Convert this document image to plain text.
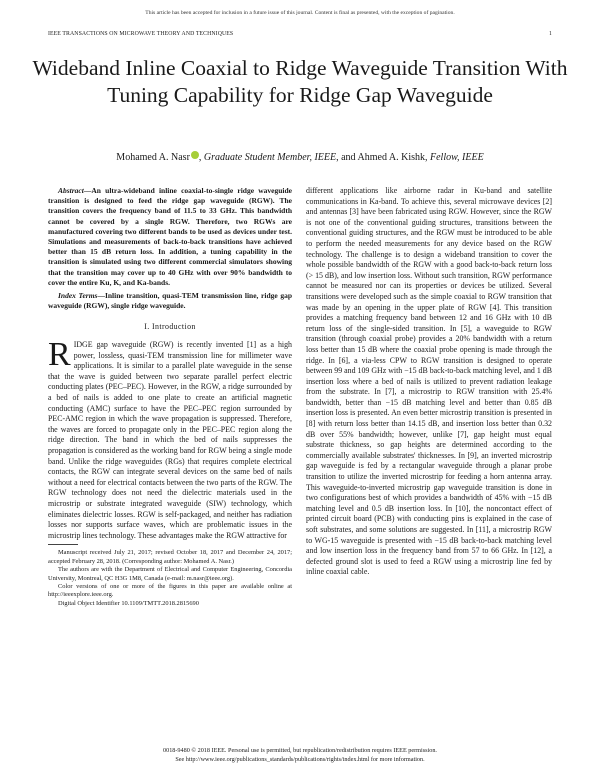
This article has been accepted for inclusion in a future issue of this journal. Content is final as presented, with the exception of pagination.
IEEE TRANSACTIONS ON MICROWAVE THEORY AND TECHNIQUES	1
Wideband Inline Coaxial to Ridge Waveguide Transition With Tuning Capability for Ridge Gap Waveguide
Mohamed A. Nasr , Graduate Student Member, IEEE, and Ahmed A. Kishk, Fellow, IEEE

Abstract—An ultra-wideband inline coaxial-to-single ridge waveguide transition is designed to feed the ridge gap waveguide (RGW). The transition covers the frequency band of 11.5 to 33 GHz. This bandwidth cannot be covered by a single RGW. Therefore, two RGWs are manufactured covering two different bands to be used as devices under test. Simulations and measurements of back-to-back transitions have achieved better than 15 dB return loss. In addition, a tuning capability in the transition is simulated using two different commercial simulators showing that the transition may cover up to 40 GHz with over 90% bandwidth to cover the entire Ku, K, and Ka-bands.

Index Terms—Inline transition, quasi-TEM transmission line, ridge gap waveguide (RGW), single ridge waveguide.

I. Introduction

RIDGE gap waveguide (RGW) is recently invented [1] as a high power, lossless, quasi-TEM transmission line for millimeter wave applications. It is similar to a parallel plate waveguide in the sense that the wave is guided between two separate parallel perfect electric conducting plates (PEC–PEC). However, in the RGW, a ridge surrounded by a bed of nails is added to one plate to create an artificial magnetic conducting (AMC) surface to have the PEC–PEC region surrounded by PEC-AMC region in which the wave propagation is suppressed. Therefore, the waves are forced to propagate only in the PEC–PEC region along the ridge direction. The band in which the bed of nails suppresses the propagation is considered as the working band for RGW being a single mode band. Unlike the ridge waveguides (RGs) that requires complete electrical contacts, the RGW can integrate several devices on the same bed of nails without a need for electrical contacts between the two parts of the RGW. The RGW technology does not need the dielectric materials used in the microstrip or substrate integrated waveguide (SIW) technology, which eliminates dielectric losses. RGW is self-packaged, and neither has radiation losses nor supports surface waves, which are problematic issues in the microstrip lines technology. These advantages make the RGW attractive for

Manuscript received July 21, 2017; revised October 18, 2017 and December 24, 2017; accepted February 28, 2018. (Corresponding author: Mohamed A. Nasr.)

The authors are with the Department of Electrical and Computer Engineering, Concordia University, Montreal, QC H3G 1M8, Canada (e-mail: m.nasr@ieee.org).

Color versions of one or more of the figures in this paper are available online at http://ieeexplore.ieee.org.

Digital Object Identifier 10.1109/TMTT.2018.2815690

different applications like airborne radar in Ku-band and satellite communications in Ka-band. To achieve this, several microwave devices [2] and antennas [3] have been fabricated using RGW. However, since the RGW is not one of the conventional guiding structures, transitions between the conventional guiding structures, and the RGW must be introduced to be able to perform the needed measurements for any device based on the RGW technology. The challenge is to design a wideband transition to cover the whole possible bandwidth of the RGW with a good back-to-back return loss (> 15 dB), and low insertion loss. Without such transition, RGW performance cannot be measured nor can its properties or devices be utilized. Several transitions were developed such as the simple coaxial to RGW transition that was made by an opening in the upper plate of RGW [4]. This transition provides a matching frequency band between 12 and 16 GHz with 10 dB return loss of the single-sided transition. In [5], a waveguide to RGW transition (through coaxial probe) provides a 20% bandwidth with a return loss better than 15 dB where the coaxial probe opening is made through the ridge. In [6], a via-less CPW to RGW transition is designed to operate between 99 and 109 GHz with −15 dB back-to-back matching level, and 1 dB insertion loss where a bed of nails is utilized to prevent radiation leakage from the substrate. In [7], a microstrip to RGW transition with 25.4% bandwidth, better than −15 dB matching level and better than 0.85 dB insertion loss is presented. An even better microstrip transition is presented in [8] with return loss better than 14.15 dB, and insertion loss better than 0.32 dB over 55% bandwidth; however, unlike [7], gap height must equal substrate thickness, so gap heights are determined according to the commercially available substrates' thicknesses. In [9], an inverted microstrip gap waveguide is fed by a rectangular waveguide through a planar probe transition to utilize the inverted microstrip for feeding a horn antenna array. This waveguide-to-inverted microstrip gap waveguide transition is done in two configurations best of which provides a bandwidth of 45% with −15 dB matching level and 0.5 dB insertion loss. In [10], the noncontact effect of printed circuit board (PCB) with conducting pins is explained in the case of soft substrates, and some solutions are suggested. In [11], a microstrip RGW to WG-15 waveguide is presented with −15 dB back-to-back matching level and low insertion loss in the frequency band from 57 to 66 GHz. In [12], a defected ground slot is used to feed a RGW using a microstrip line fed by inline coaxial cable.

0018-9480 © 2018 IEEE. Personal use is permitted, but republication/redistribution requires IEEE permission.
See http://www.ieee.org/publications_standards/publications/rights/index.html for more information.
